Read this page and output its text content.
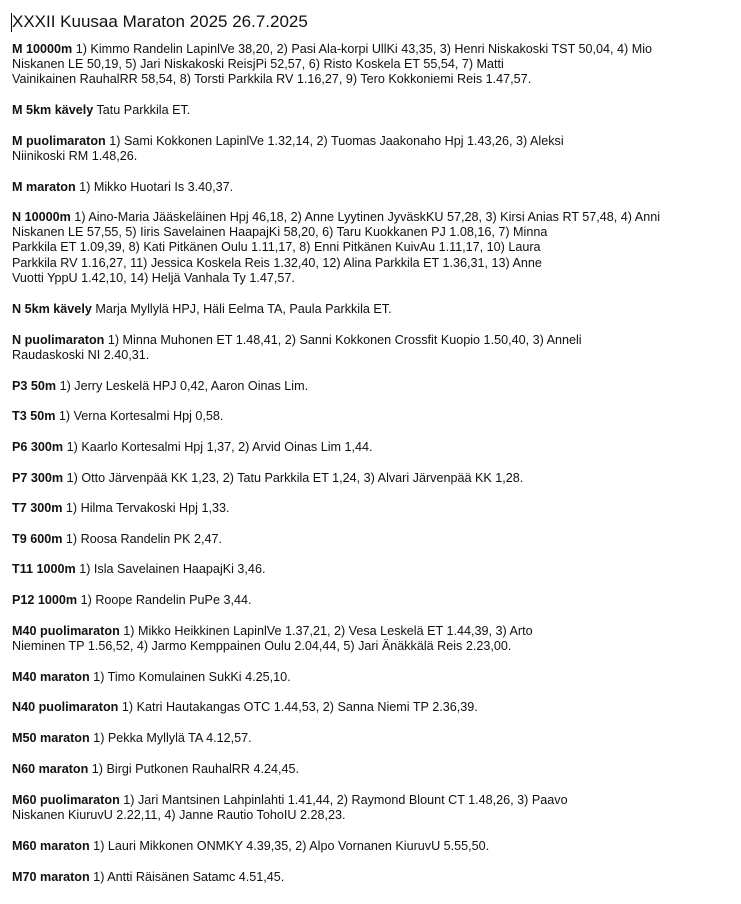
XXXII Kuusaa Maraton 2025 26.7.2025
M 10000m 1) Kimmo Randelin LapinlVe 38,20, 2) Pasi Ala-korpi UllKi 43,35, 3) Henri Niskakoski TST 50,04, 4) Mio
Niskanen LE 50,19, 5) Jari Niskakoski ReisjPi 52,57, 6) Risto Koskela ET 55,54, 7) Matti
Vainikainen RauhalRR 58,54, 8) Torsti Parkkila RV 1.16,27, 9) Tero Kokkoniemi Reis 1.47,57.
M 5km kävely Tatu Parkkila ET.
M puolimaraton 1) Sami Kokkonen LapinlVe 1.32,14, 2) Tuomas Jaakonaho Hpj 1.43,26, 3) Aleksi
Niinikoski RM 1.48,26.
M maraton 1) Mikko Huotari Is 3.40,37.
N 10000m 1) Aino-Maria Jääskeläinen Hpj 46,18, 2) Anne Lyytinen JyväskKU 57,28, 3) Kirsi Anias RT 57,48, 4) Anni
Niskanen LE 57,55, 5) Iiris Savelainen HaapajKi 58,20, 6) Taru Kuokkanen PJ 1.08,16, 7) Minna
Parkkila ET 1.09,39, 8) Kati Pitkänen Oulu 1.11,17, 8) Enni Pitkänen KuivAu 1.11,17, 10) Laura
Parkkila RV 1.16,27, 11) Jessica Koskela Reis 1.32,40, 12) Alina Parkkila ET 1.36,31, 13) Anne
Vuotti YppU 1.42,10, 14) Heljä Vanhala Ty 1.47,57.
N 5km kävely Marja Myllylä HPJ, Häli Eelma TA, Paula Parkkila ET.
N puolimaraton 1) Minna Muhonen ET 1.48,41, 2) Sanni Kokkonen Crossfit Kuopio 1.50,40, 3) Anneli
Raudaskoski NI 2.40,31.
P3 50m 1) Jerry Leskelä HPJ 0,42, Aaron Oinas Lim.
T3 50m 1) Verna Kortesalmi Hpj 0,58.
P6 300m 1) Kaarlo Kortesalmi Hpj 1,37, 2) Arvid Oinas Lim 1,44.
P7 300m 1) Otto Järvenpää KK 1,23, 2) Tatu Parkkila ET 1,24, 3) Alvari Järvenpää KK 1,28.
T7 300m 1) Hilma Tervakoski Hpj 1,33.
T9 600m 1) Roosa Randelin PK 2,47.
T11 1000m 1) Isla Savelainen HaapajKi 3,46.
P12 1000m 1) Roope Randelin PuPe 3,44.
M40 puolimaraton 1) Mikko Heikkinen LapinlVe 1.37,21, 2) Vesa Leskelä ET 1.44,39, 3) Arto
Nieminen TP 1.56,52, 4) Jarmo Kemppainen Oulu 2.04,44, 5) Jari Änäkkälä Reis 2.23,00.
M40 maraton 1) Timo Komulainen SukKi 4.25,10.
N40 puolimaraton 1) Katri Hautakangas OTC 1.44,53, 2) Sanna Niemi TP 2.36,39.
M50 maraton 1) Pekka Myllylä TA 4.12,57.
N60 maraton 1) Birgi Putkonen RauhalRR 4.24,45.
M60 puolimaraton 1) Jari Mantsinen Lahpinlahti 1.41,44, 2) Raymond Blount CT 1.48,26, 3) Paavo
Niskanen KiuruvU 2.22,11, 4) Janne Rautio TohoIU 2.28,23.
M60 maraton 1) Lauri Mikkonen ONMKY 4.39,35, 2) Alpo Vornanen KiuruvU 5.55,50.
M70 maraton 1) Antti Räisänen Satamc 4.51,45.
